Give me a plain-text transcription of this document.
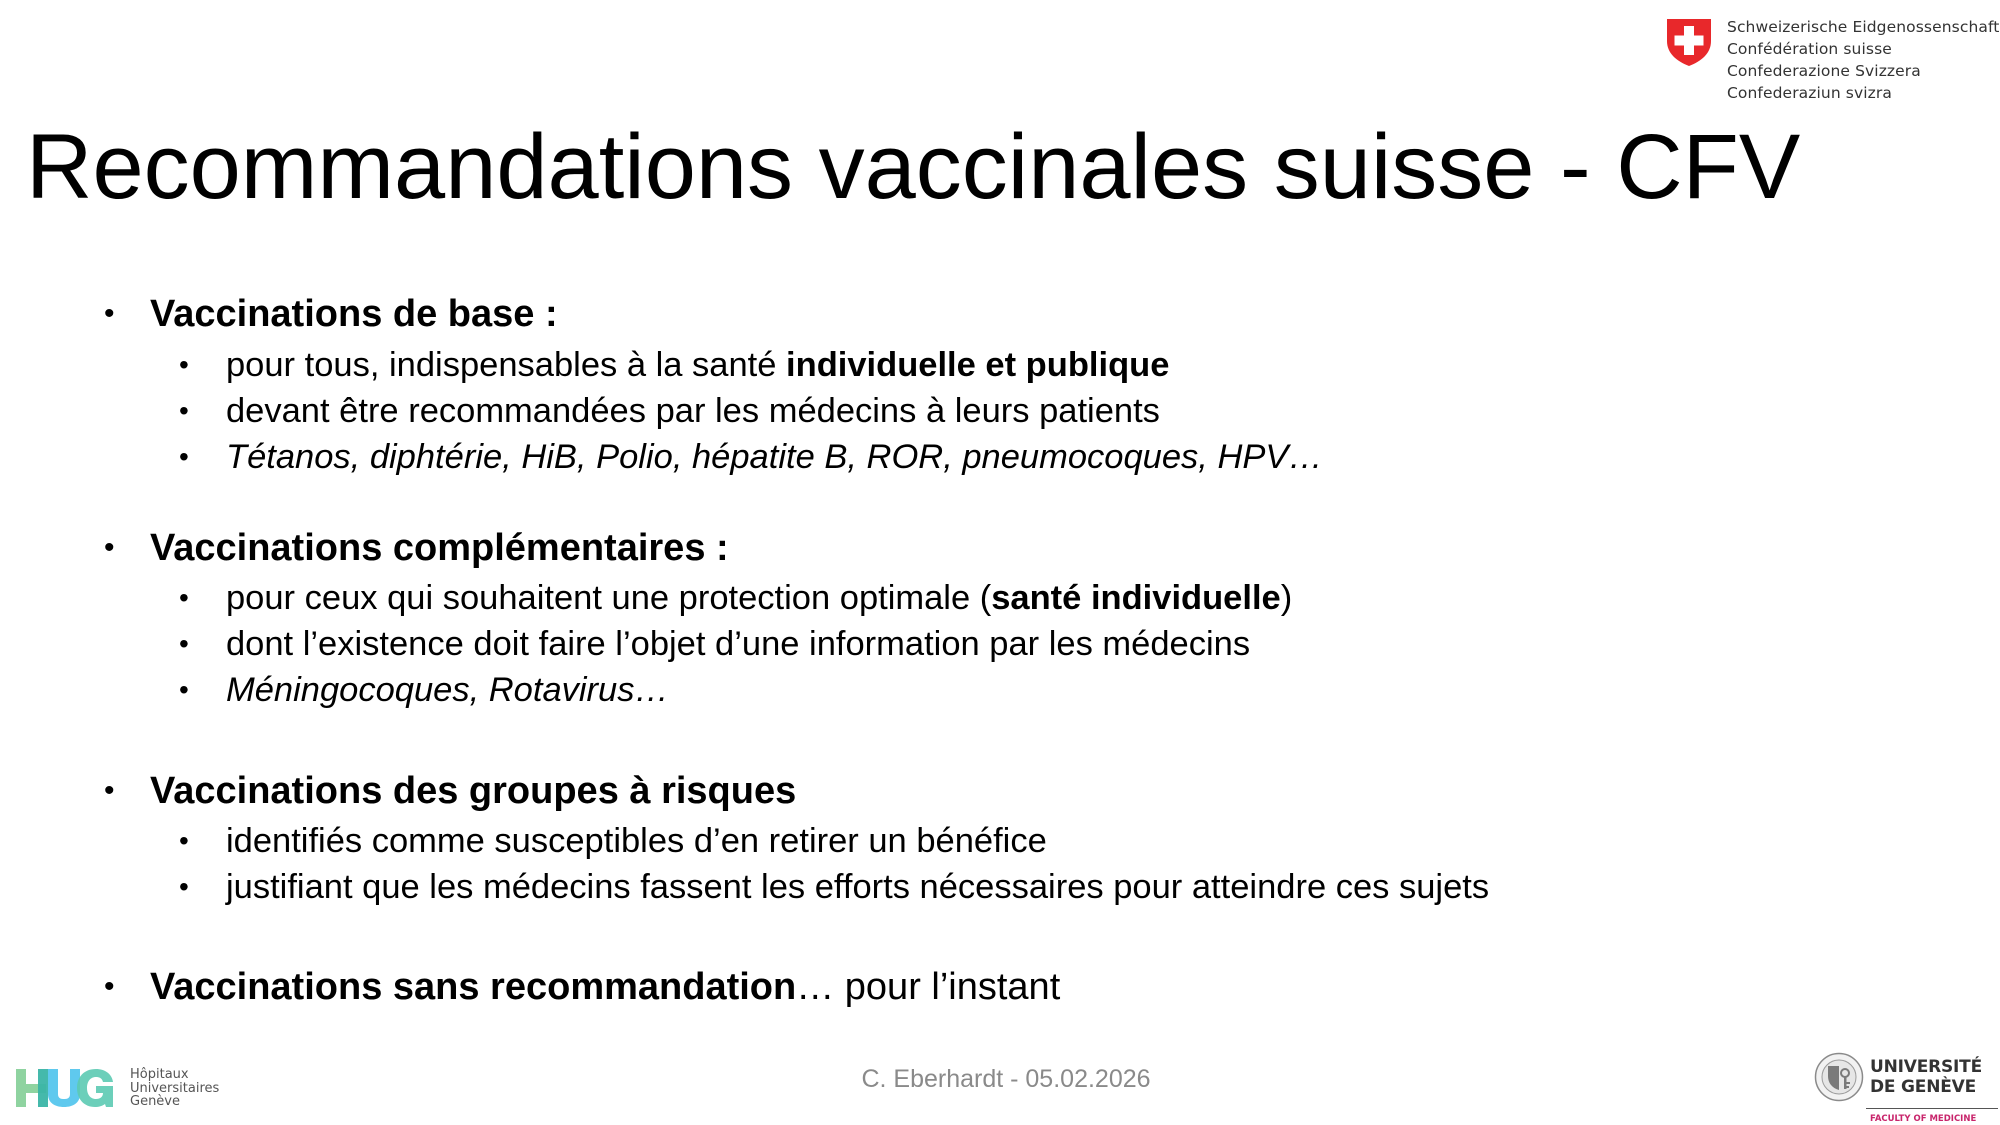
Schweizerische Eidgenossenschaft
Confédération suisse
Confederazione Svizzera
Confederaziun svizra
Recommandations vaccinales suisse - CFV
• Vaccinations de base :
• pour tous, indispensables à la santé individuelle et publique
• devant être recommandées par les médecins à leurs patients
• Tétanos, diphtérie, HiB, Polio, hépatite B, ROR, pneumocoques, HPV…
• Vaccinations complémentaires :
• pour ceux qui souhaitent une protection optimale (santé individuelle)
• dont l’existence doit faire l’objet d’une information par les médecins
• Méningocoques, Rotavirus…
• Vaccinations des groupes à risques
• identifiés comme susceptibles d’en retirer un bénéfice
• justifiant que les médecins fassent les efforts nécessaires pour atteindre ces sujets
• Vaccinations sans recommandation… pour l’instant
Hôpitaux
Universitaires
Genève
C. Eberhardt - 05.02.2026	UNIVERSITÉ
DE GENÈVE
FACULTY OF MEDICINE
